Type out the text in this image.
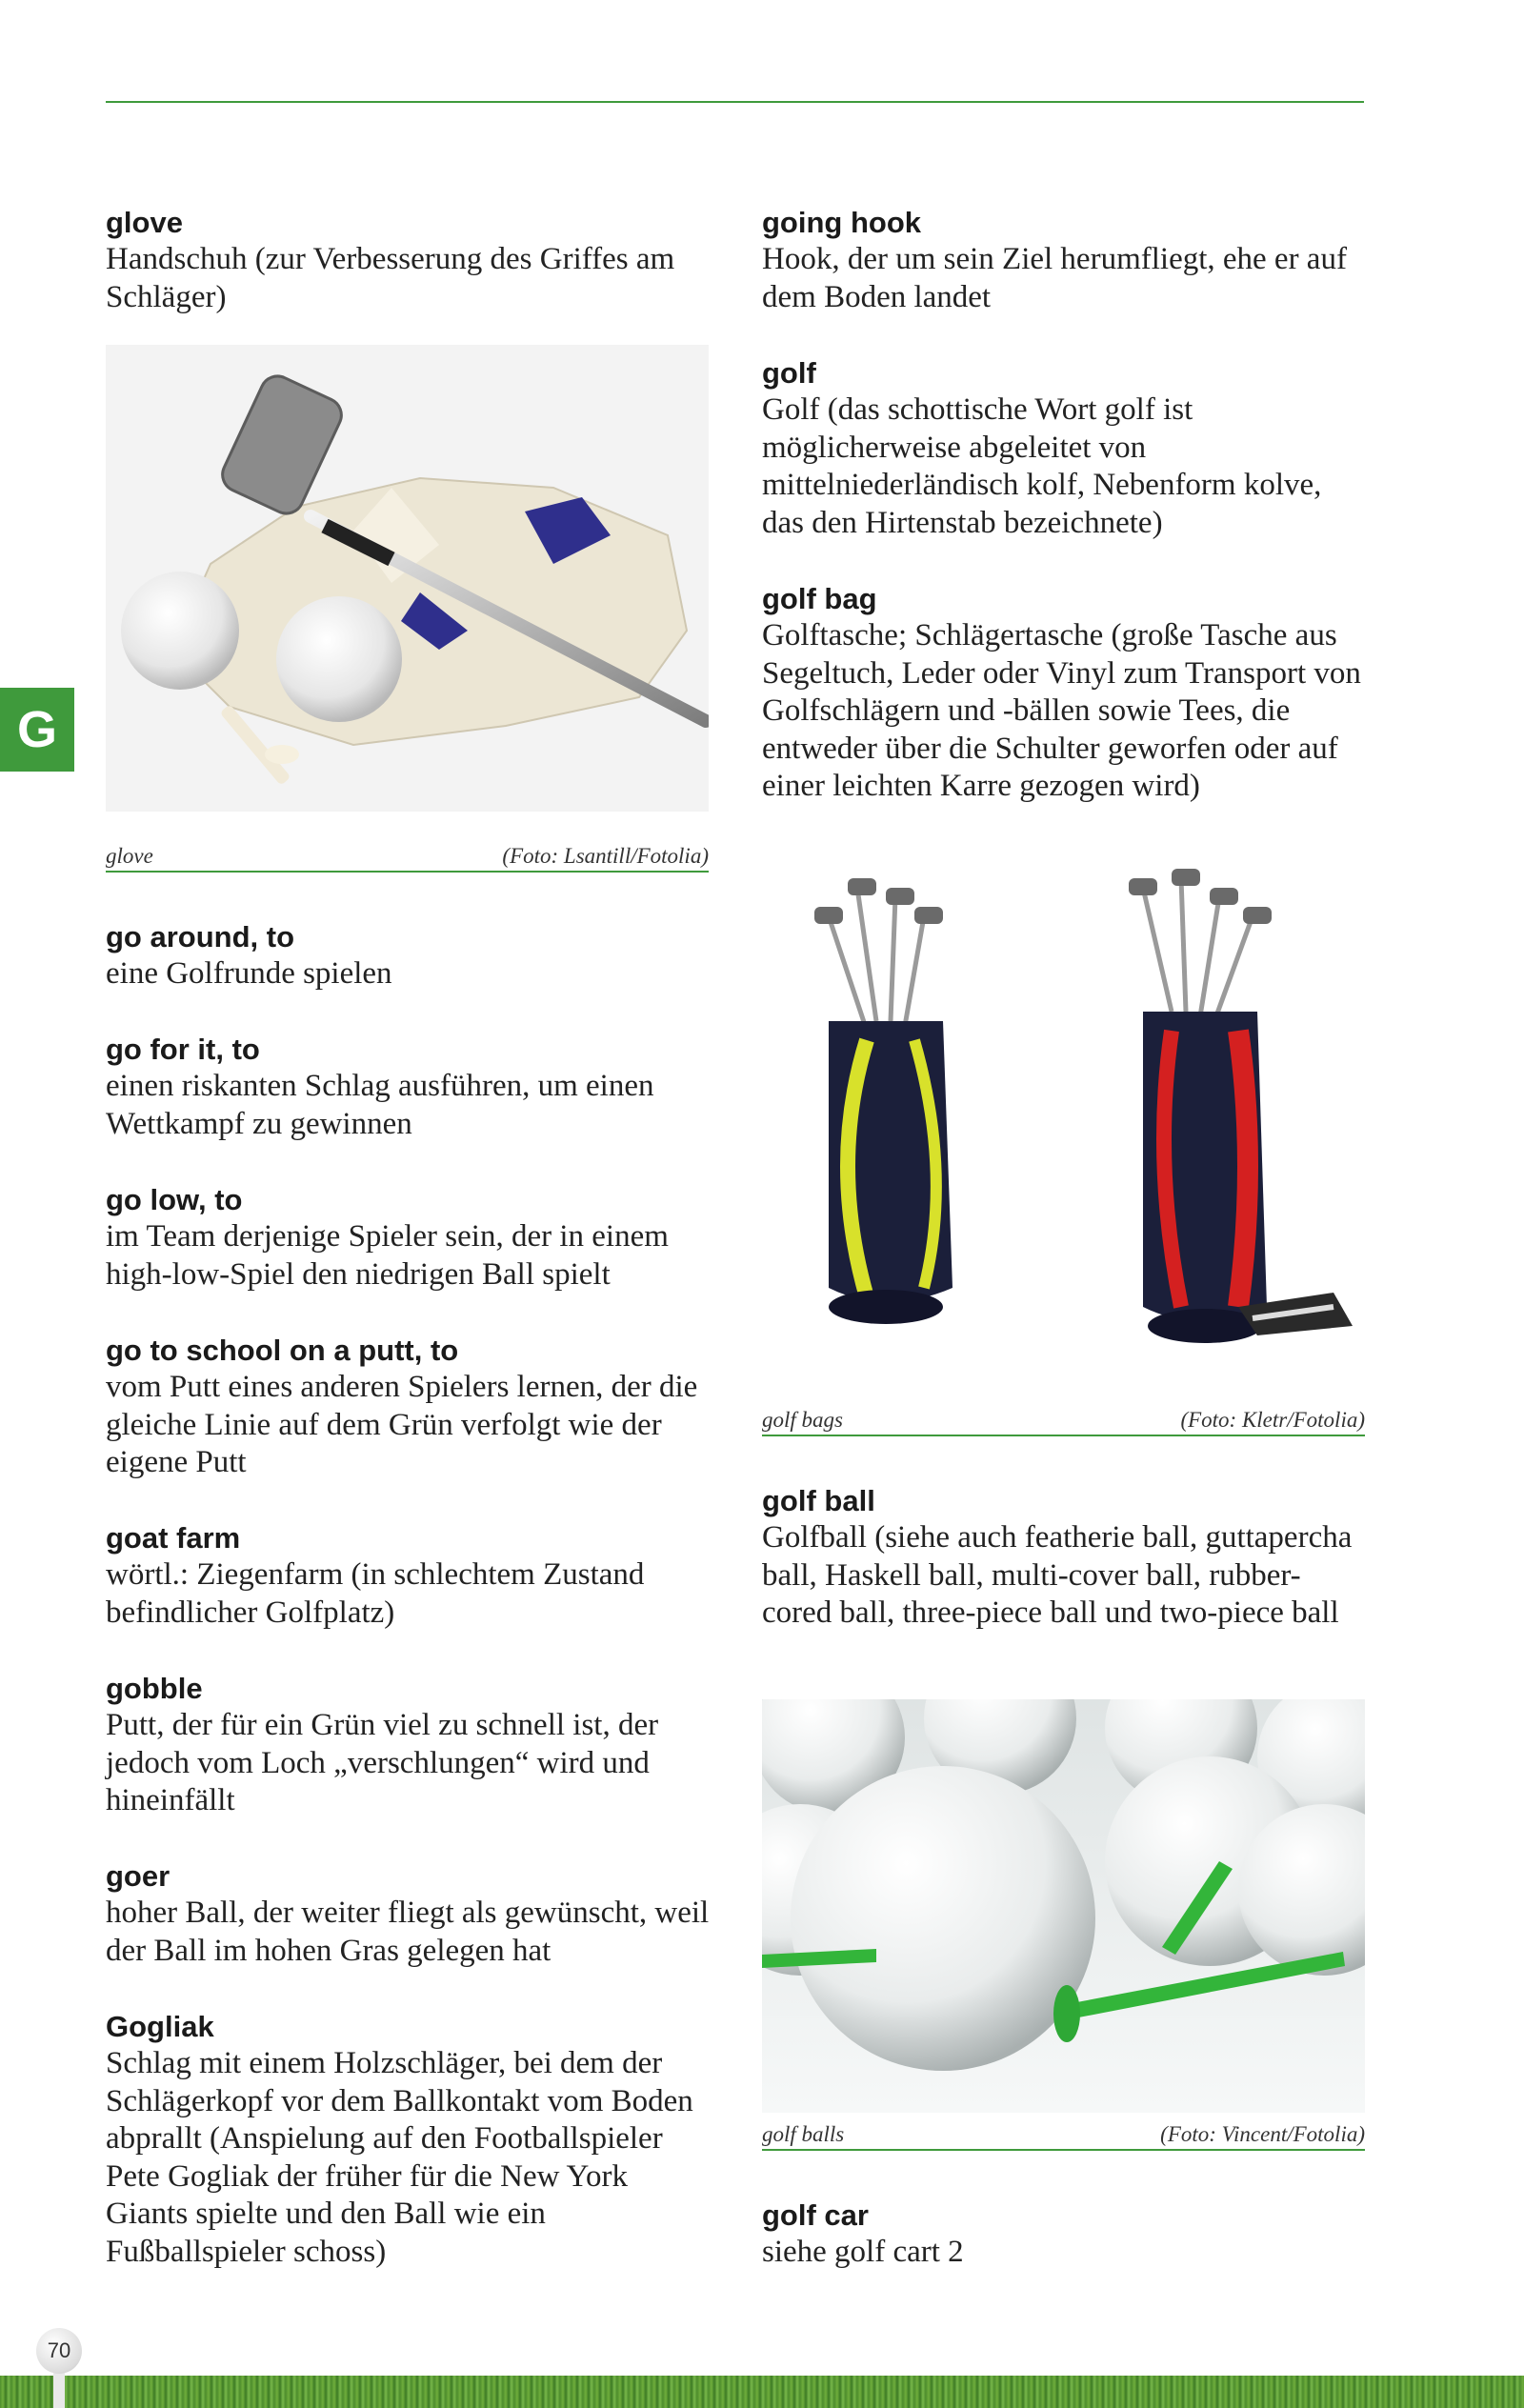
glove

Handschuh (zur Verbesserung des Griffes am Schläger)

glove	(Foto: Lsantill/Fotolia)

go around, to

eine Golfrunde spielen

go for it, to

einen riskanten Schlag ausführen, um einen Wettkampf zu gewinnen

go low, to

im Team derjenige Spieler sein, der in einem high-low-Spiel den niedrigen Ball spielt

go to school on a putt, to

vom Putt eines anderen Spielers lernen, der die gleiche Linie auf dem Grün verfolgt wie der eigene Putt

goat farm

wörtl.: Ziegenfarm (in schlechtem Zustand befindlicher Golfplatz)

gobble

Putt, der für ein Grün viel zu schnell ist, der jedoch vom Loch „verschlungen“ wird und hineinfällt

goer

hoher Ball, der weiter fliegt als gewünscht, weil der Ball im hohen Gras gelegen hat

Gogliak

Schlag mit einem Holzschläger, bei dem der Schlägerkopf vor dem Ballkontakt vom Boden abprallt (Anspielung auf den Footballspieler Pete Gogliak der früher für die New York Giants spielte und den Ball wie ein Fußballspieler schoss)

going hook

Hook, der um sein Ziel herumfliegt, ehe er auf dem Boden landet

golf

Golf (das schottische Wort golf ist möglicherweise abgeleitet von mittelniederländisch kolf, Nebenform kolve, das den Hirtenstab bezeichnete)

golf bag

Golftasche; Schlägertasche (große Tasche aus Segeltuch, Leder oder Vinyl zum Transport von Golfschlägern und -bällen sowie Tees, die entweder über die Schulter geworfen oder auf einer leichten Karre gezogen wird)

golf bags	(Foto: Kletr/Fotolia)

golf ball

Golfball (siehe auch featherie ball, guttapercha ball, Haskell ball, multi-cover ball, rubber-cored ball, three-piece ball und two-piece ball

golf balls	(Foto: Vincent/Fotolia)

golf car

siehe golf cart 2

G
70
